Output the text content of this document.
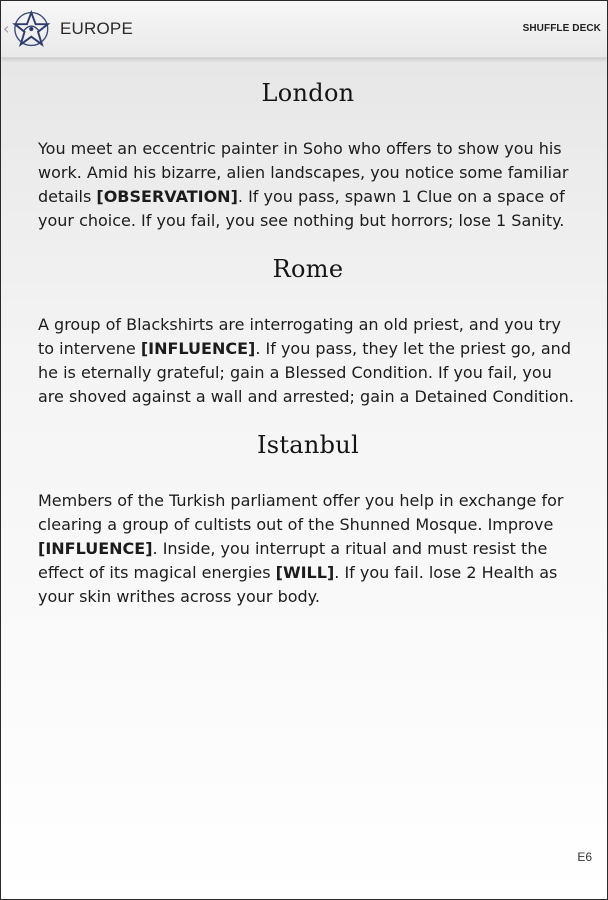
‹	EUROPE	SHUFFLE DECK
London
You meet an eccentric painter in Soho who offers to show you his work. Amid his bizarre, alien landscapes, you notice some familiar details [OBSERVATION]. If you pass, spawn 1 Clue on a space of your choice. If you fail, you see nothing but horrors; lose 1 Sanity.
Rome
A group of Blackshirts are interrogating an old priest, and you try to intervene [INFLUENCE]. If you pass, they let the priest go, and he is eternally grateful; gain a Blessed Condition. If you fail, you are shoved against a wall and arrested; gain a Detained Condition.
Istanbul
Members of the Turkish parliament offer you help in exchange for clearing a group of cultists out of the Shunned Mosque. Improve [INFLUENCE]. Inside, you interrupt a ritual and must resist the effect of its magical energies [WILL]. If you fail. lose 2 Health as your skin writhes across your body.
E6
